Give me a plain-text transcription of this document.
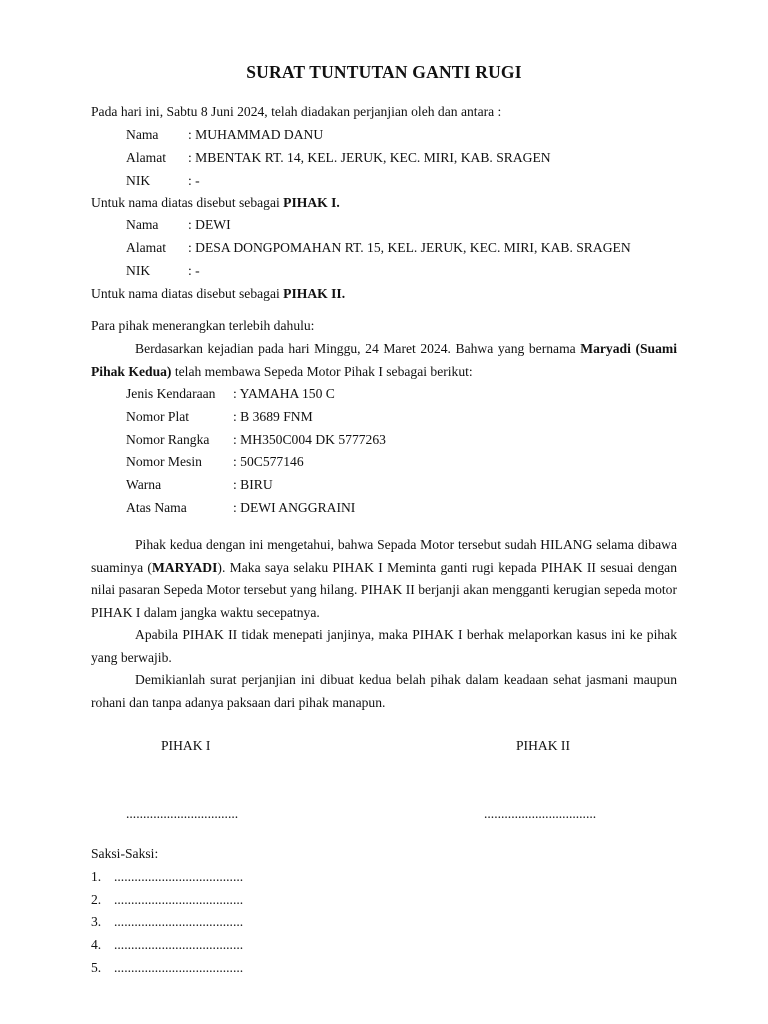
SURAT TUNTUTAN GANTI RUGI
Pada hari ini, Sabtu 8 Juni 2024, telah diadakan perjanjian oleh dan antara :
Nama : MUHAMMAD DANU
Alamat : MBENTAK RT. 14, KEL. JERUK, KEC. MIRI, KAB. SRAGEN
NIK	: -
Untuk nama diatas disebut sebagai PIHAK I.
Nama : DEWI
Alamat : DESA DONGPOMAHAN RT. 15, KEL. JERUK, KEC. MIRI, KAB. SRAGEN
NIK	: -
Untuk nama diatas disebut sebagai PIHAK II.
Para pihak menerangkan terlebih dahulu:
Berdasarkan kejadian pada hari Minggu, 24 Maret 2024. Bahwa yang bernama Maryadi (Suami Pihak Kedua) telah membawa Sepeda Motor Pihak I sebagai berikut:
Jenis Kendaraan : YAMAHA 150 C
Nomor Plat	: B 3689 FNM
Nomor Rangka : MH350C004 DK 5777263
Nomor Mesin : 50C577146
Warna	: BIRU
Atas Nama	: DEWI ANGGRAINI
Pihak kedua dengan ini mengetahui, bahwa Sepada Motor tersebut sudah HILANG selama dibawa suaminya (MARYADI). Maka saya selaku PIHAK I Meminta ganti rugi kepada PIHAK II sesuai dengan nilai pasaran Sepeda Motor tersebut yang hilang. PIHAK II berjanji akan mengganti kerugian sepeda motor PIHAK I dalam jangka waktu secepatnya.
Apabila PIHAK II tidak menepati janjinya, maka PIHAK I berhak melaporkan kasus ini ke pihak yang berwajib.
Demikianlah surat perjanjian ini dibuat kedua belah pihak dalam keadaan sehat jasmani maupun rohani dan tanpa adanya paksaan dari pihak manapun.
PIHAK I	PIHAK II
.................................	.................................
Saksi-Saksi:
1. ......................................
2. ......................................
3. ......................................
4. ......................................
5. ......................................
